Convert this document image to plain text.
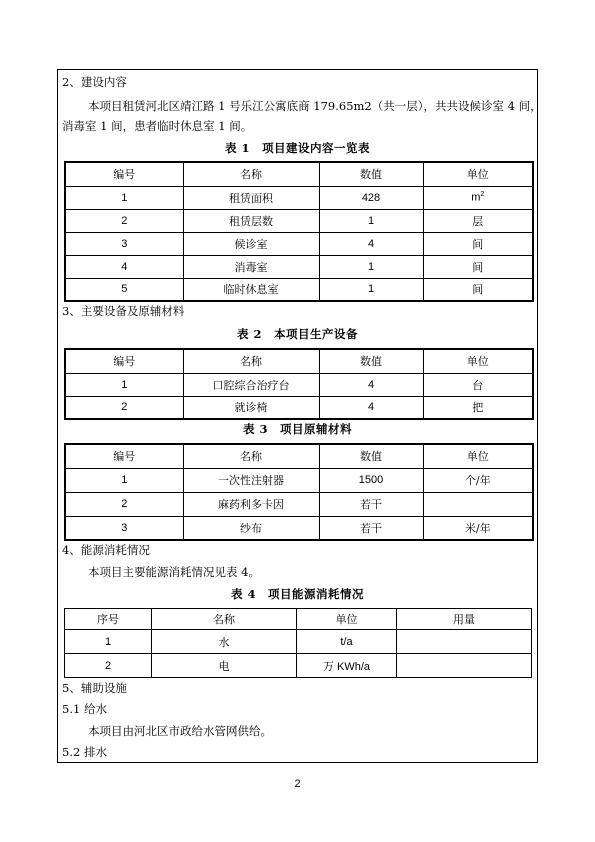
2、建设内容
本项目租赁河北区靖江路 1 号乐江公寓底商 179.65m2（共一层），共共设候诊室 4 间，
消毒室 1 间，患者临时休息室 1 间。
表 1　项目建设内容一览表
编号	名称	数值	单位
1	租赁面积	428	$m^2$
2	租赁层数	1	层
3	候诊室	4	间
4	消毒室	1	间
5	临时休息室	1	间
3、主要设备及原辅材料
表 2　本项目生产设备
编号	名称	数值	单位
1	口腔综合治疗台	4	台
2	就诊椅	4	把
表 3　项目原辅材料
编号	名称	数值	单位
1	一次性注射器	1500	个/年
2	麻药利多卡因	若干	
3	纱布	若干	米/年
4、能源消耗情况
本项目主要能源消耗情况见表 4。
表 4　项目能源消耗情况
序号	名称	单位	用量
1	水	t/a	
2	电	万 KWh/a	
5、辅助设施
5.1 给水
本项目由河北区市政给水管网供给。
5.2 排水
2
